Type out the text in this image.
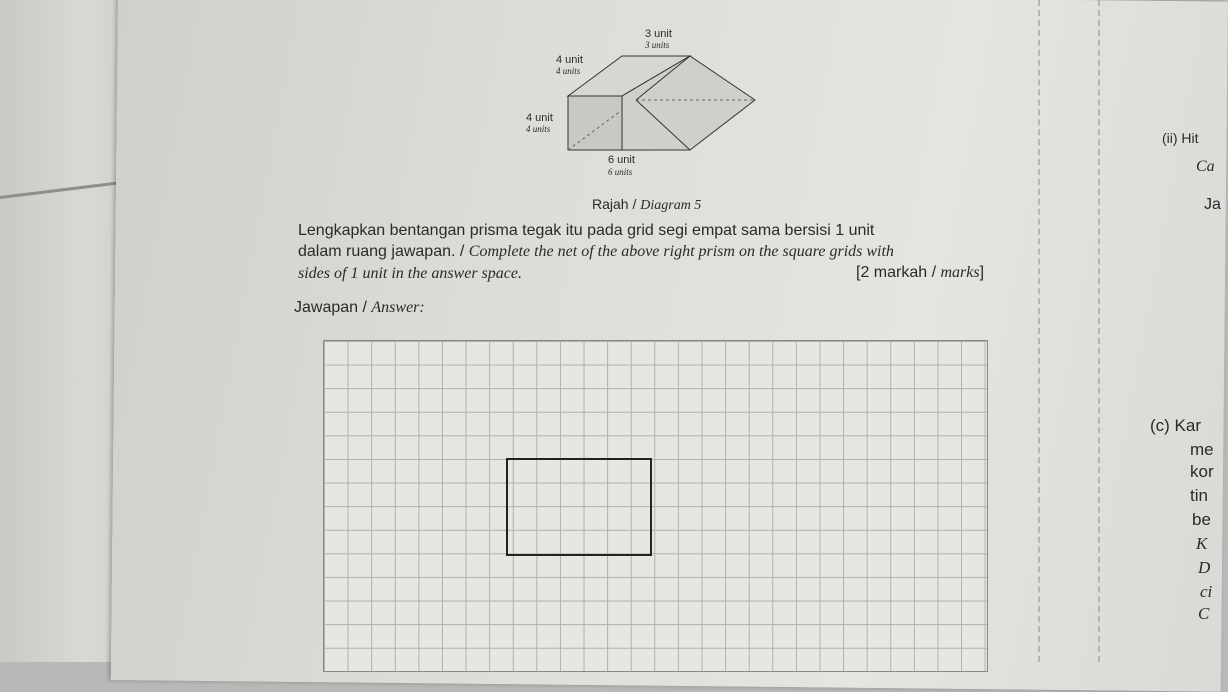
3 unit
3 units
4 unit
4 units
4 unit
4 units
6 unit
6 units
Rajah / Diagram 5
Lengkapkan bentangan prisma tegak itu pada grid segi empat sama bersisi 1 unit
dalam ruang jawapan. / Complete the net of the above right prism on the square grids with
sides of 1 unit in the answer space.	[2 markah / marks]
Jawapan / Answer:
(ii) Hit
Ca
Ja
(c) Kar
me
kor
tin
be
K
D
ci
C
